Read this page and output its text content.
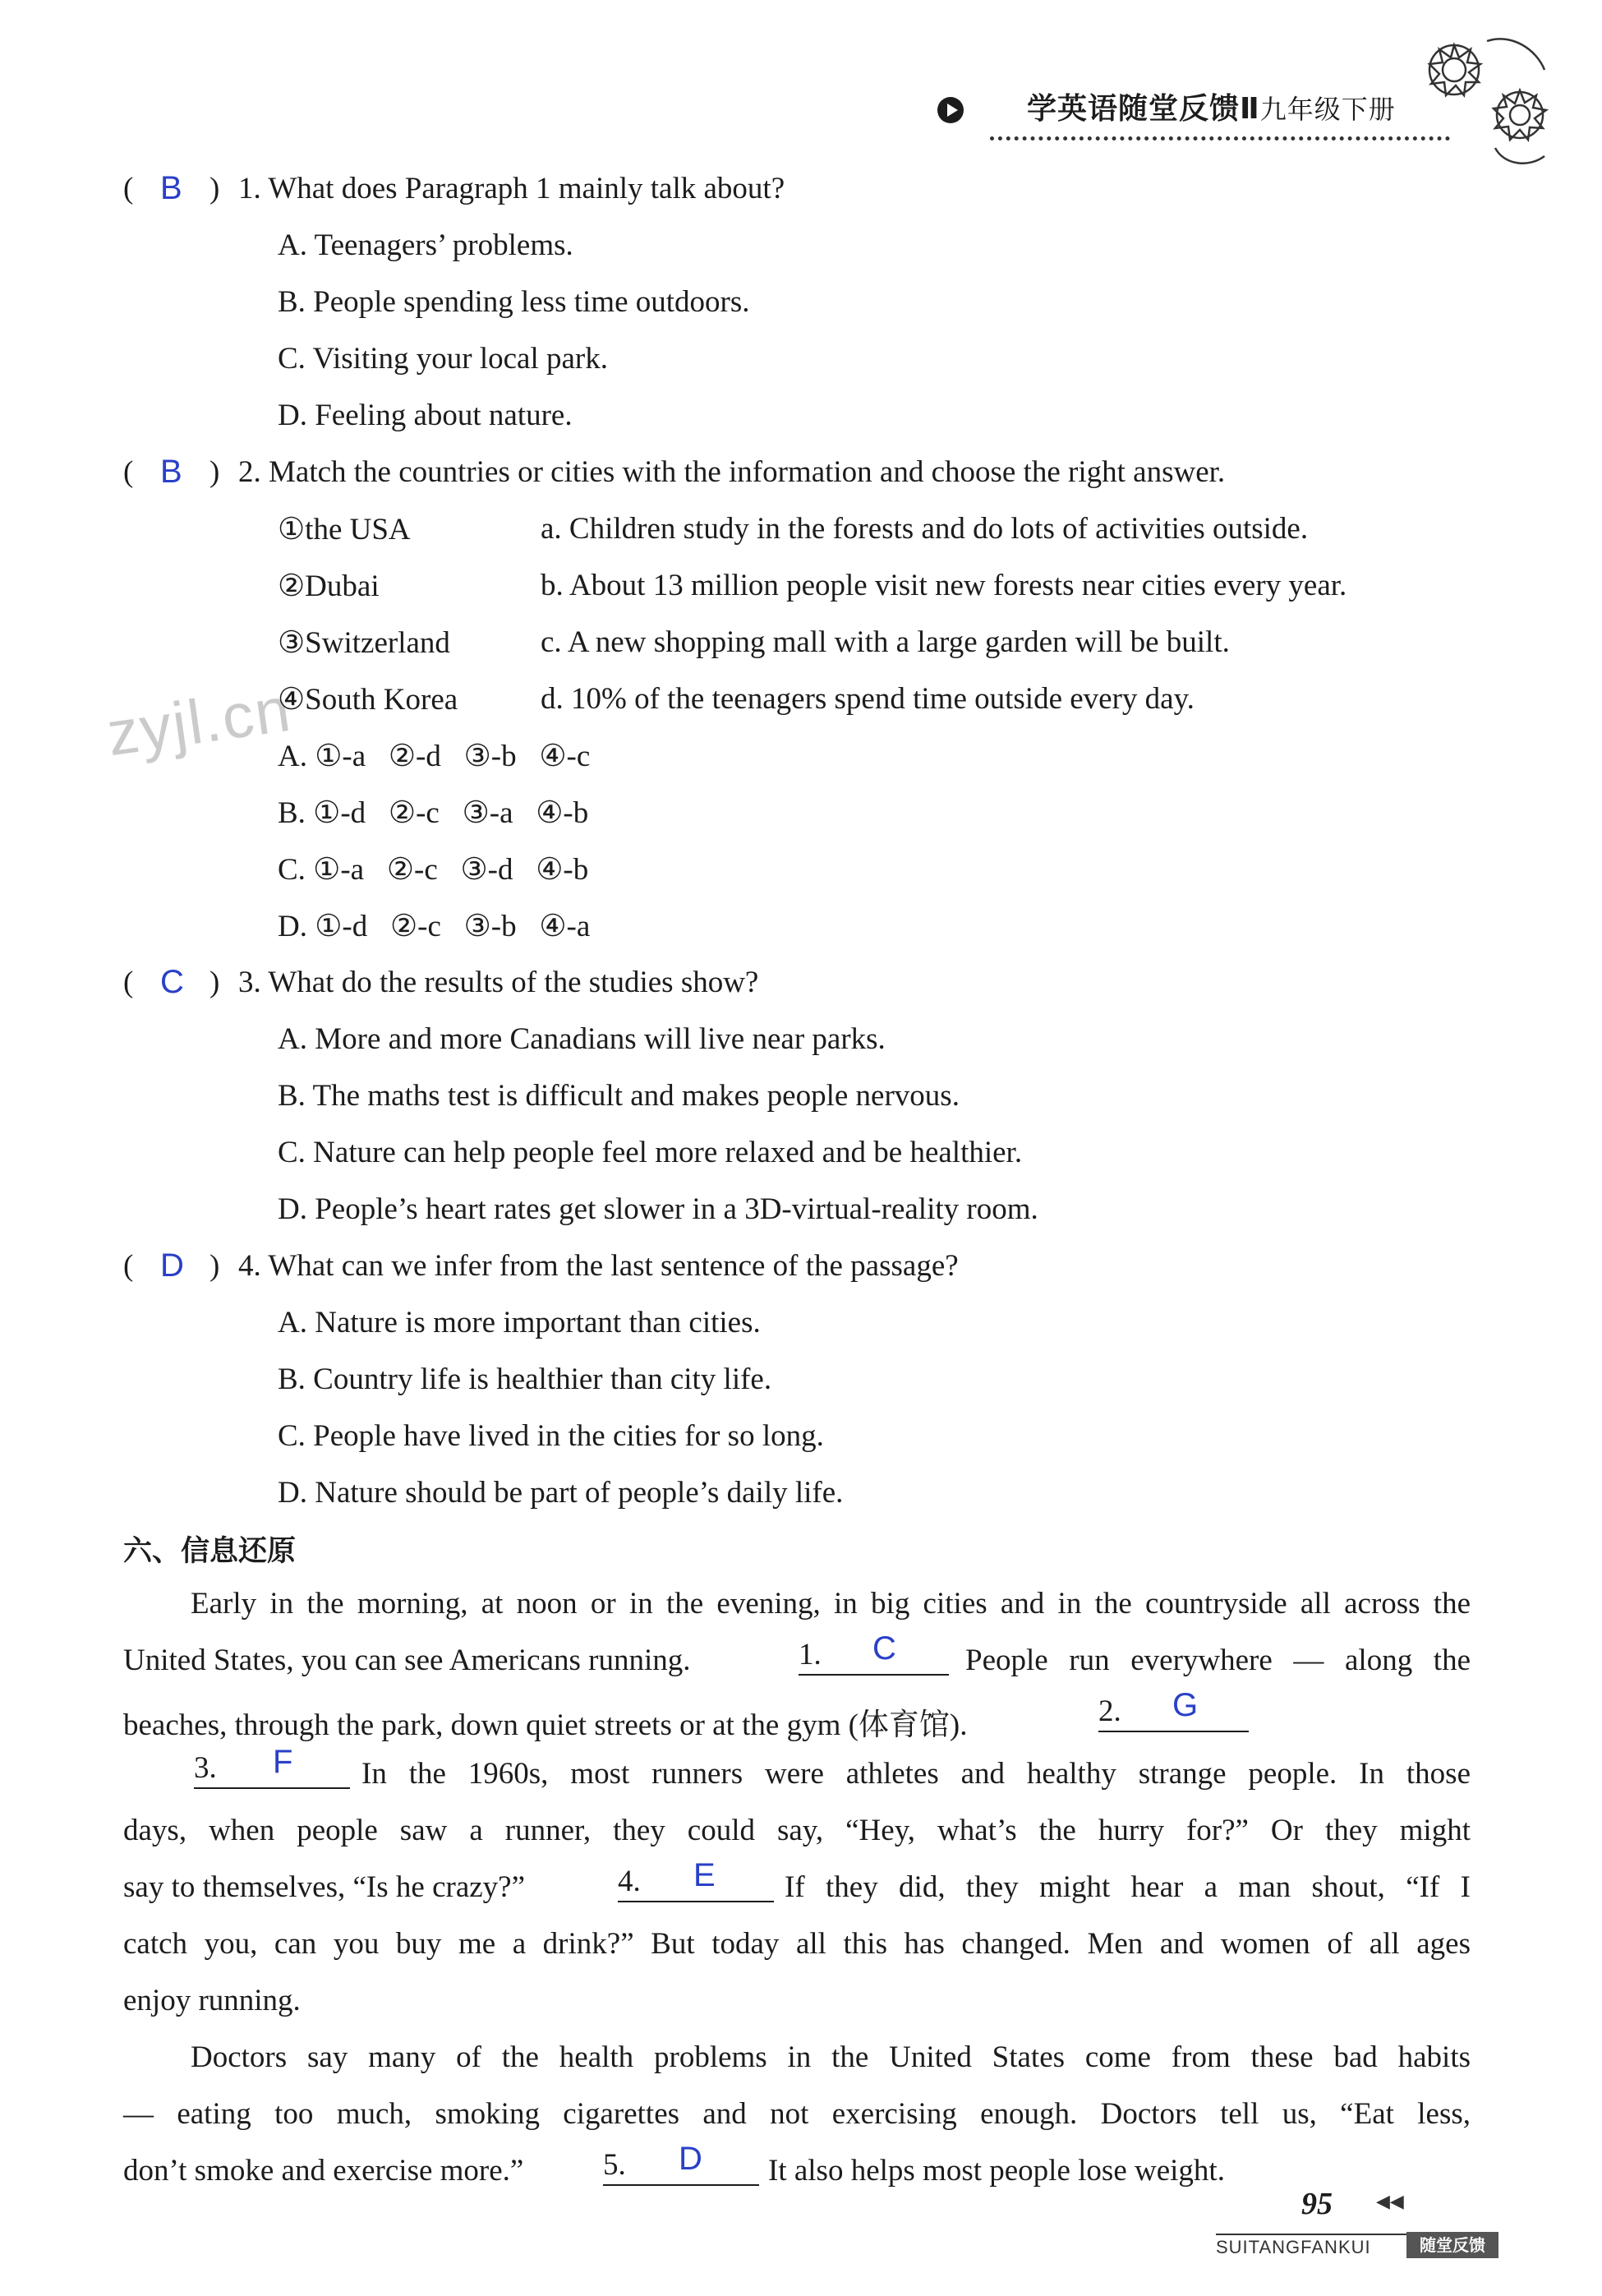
学英语随堂反馈Ⅱ九年级下册
zyjl.cn
( B ) 1. What does Paragraph 1 mainly talk about?
A. Teenagers’ problems.
B. People spending less time outdoors.
C. Visiting your local park.
D. Feeling about nature.
( B ) 2. Match the countries or cities with the information and choose the right answer.
①the USA	a. Children study in the forests and do lots of activities outside.
②Dubai	b. About 13 million people visit new forests near cities every year.
③Switzerland	c. A new shopping mall with a large garden will be built.
④South Korea	d. 10% of the teenagers spend time outside every day.
A. ①-a   ②-d   ③-b   ④-c
B. ①-d   ②-c   ③-a   ④-b
C. ①-a   ②-c   ③-d   ④-b
D. ①-d   ②-c   ③-b   ④-a
( C ) 3. What do the results of the studies show?
A. More and more Canadians will live near parks.
B. The maths test is difficult and makes people nervous.
C. Nature can help people feel more relaxed and be healthier.
D. People’s heart rates get slower in a 3D-virtual-reality room.
( D ) 4. What can we infer from the last sentence of the passage?
A. Nature is more important than cities.
B. Country life is healthier than city life.
C. People have lived in the cities for so long.
D. Nature should be part of people’s daily life.
六、信息还原
Early in the morning, at noon or in the evening, in big cities and in the countryside all across the
United States, you can see Americans running.	1. C People run everywhere — along the
beaches, through the park, down quiet streets or at the gym (体育馆).	2. G
3. F In the 1960s, most runners were athletes and healthy strange people. In those
days, when people saw a runner, they could say, “Hey, what’s the hurry for?” Or they might
say to themselves, “Is he crazy?”	4. E If they did, they might hear a man shout, “If I
catch you, can you buy me a drink?” But today all this has changed. Men and women of all ages
enjoy running.
Doctors say many of the health problems in the United States come from these bad habits
— eating too much, smoking cigarettes and not exercising enough. Doctors tell us, “Eat less,
don’t smoke and exercise more.”	5. D It also helps most people lose weight.
95 ◀◀
SUITANGFANKUI	随堂反馈
